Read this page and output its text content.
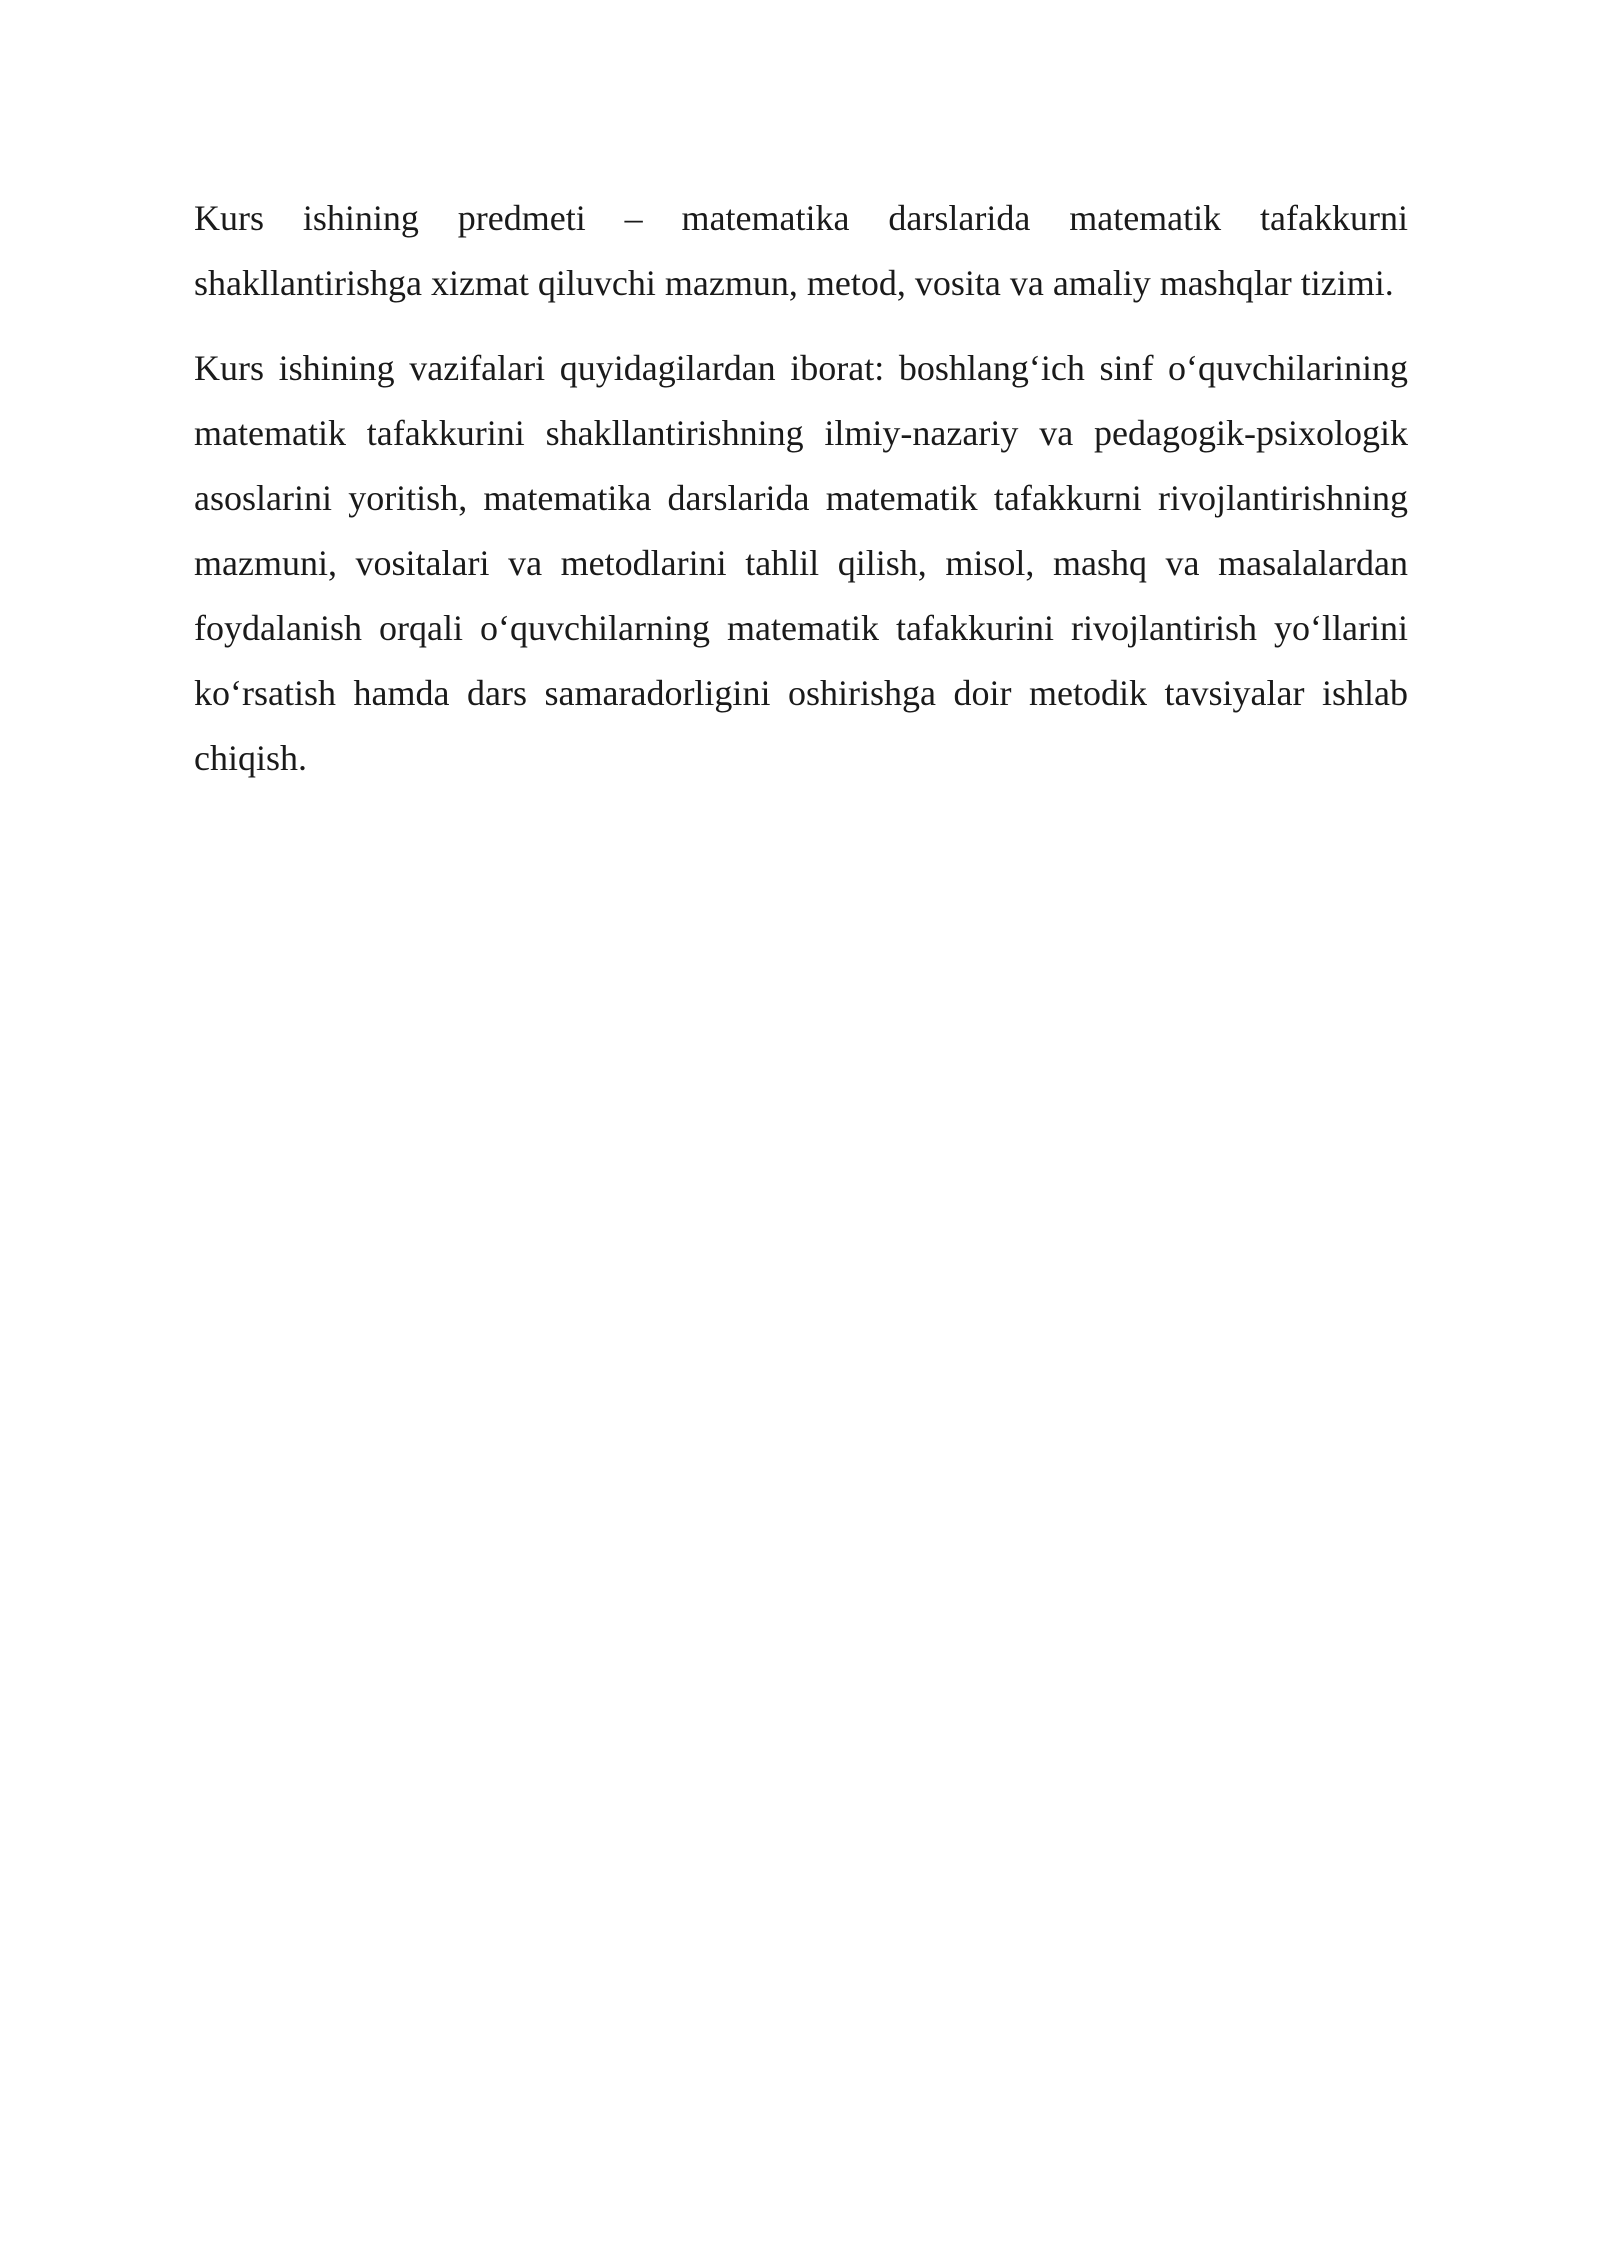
Kurs ishining predmeti – matematika darslarida matematik tafakkurni shakllantirishga xizmat qiluvchi mazmun, metod, vosita va amaliy mashqlar tizimi.

Kurs ishining vazifalari quyidagilardan iborat: boshlang‘ich sinf o‘quvchilarining matematik tafakkurini shakllantirishning ilmiy-nazariy va pedagogik-psixologik asoslarini yoritish, matematika darslarida matematik tafakkurni rivojlantirishning mazmuni, vositalari va metodlarini tahlil qilish, misol, mashq va masalalardan foydalanish orqali o‘quvchilarning matematik tafakkurini rivojlantirish yo‘llarini ko‘rsatish hamda dars samaradorligini oshirishga doir metodik tavsiyalar ishlab chiqish.
